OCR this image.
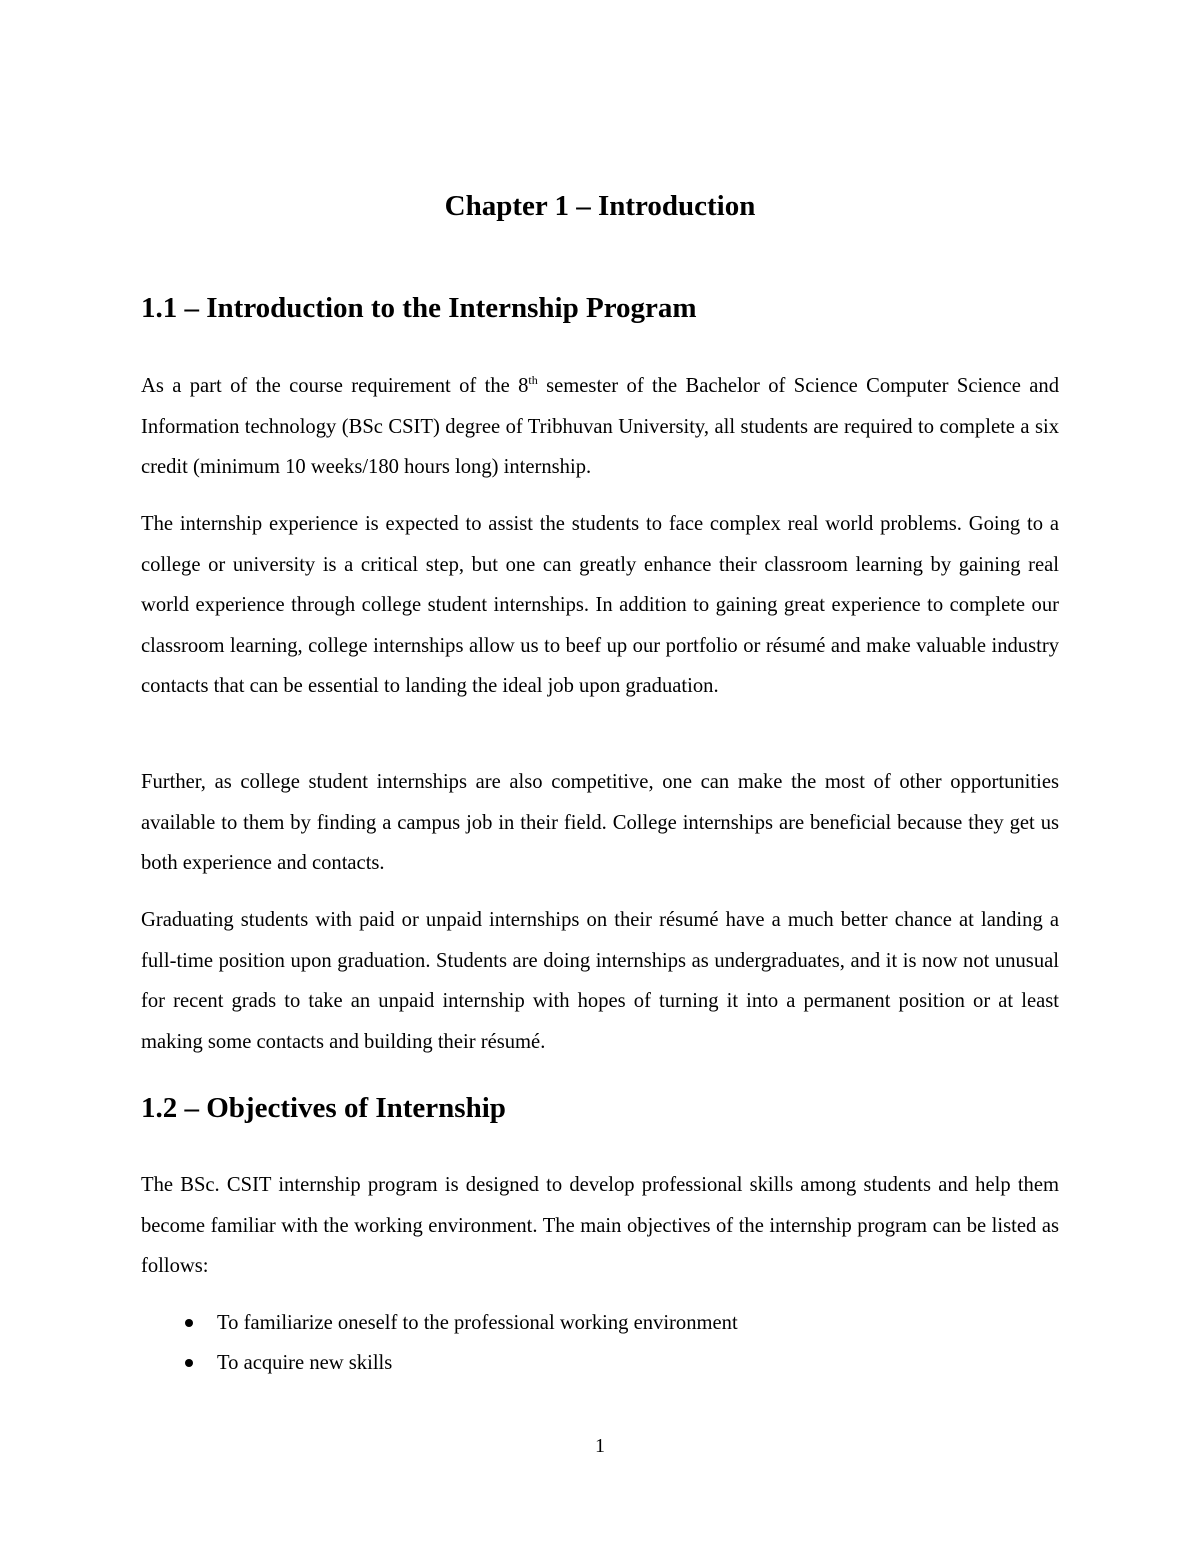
Chapter 1 – Introduction
1.1 – Introduction to the Internship Program

As a part of the course requirement of the 8th semester of the Bachelor of Science Computer Science and Information technology (BSc CSIT) degree of Tribhuvan University, all students are required to complete a six credit (minimum 10 weeks/180 hours long) internship.

The internship experience is expected to assist the students to face complex real world problems. Going to a college or university is a critical step, but one can greatly enhance their classroom learning by gaining real world experience through college student internships. In addition to gaining great experience to complete our classroom learning, college internships allow us to beef up our portfolio or résumé and make valuable industry contacts that can be essential to landing the ideal job upon graduation.

Further, as college student internships are also competitive, one can make the most of other opportunities available to them by finding a campus job in their field. College internships are beneficial because they get us both experience and contacts.

Graduating students with paid or unpaid internships on their résumé have a much better chance at landing a full-time position upon graduation. Students are doing internships as undergraduates, and it is now not unusual for recent grads to take an unpaid internship with hopes of turning it into a permanent position or at least making some contacts and building their résumé.

1.2 – Objectives of Internship

The BSc. CSIT internship program is designed to develop professional skills among students and help them become familiar with the working environment. The main objectives of the internship program can be listed as follows:

To familiarize oneself to the professional working environment
To acquire new skills
1
